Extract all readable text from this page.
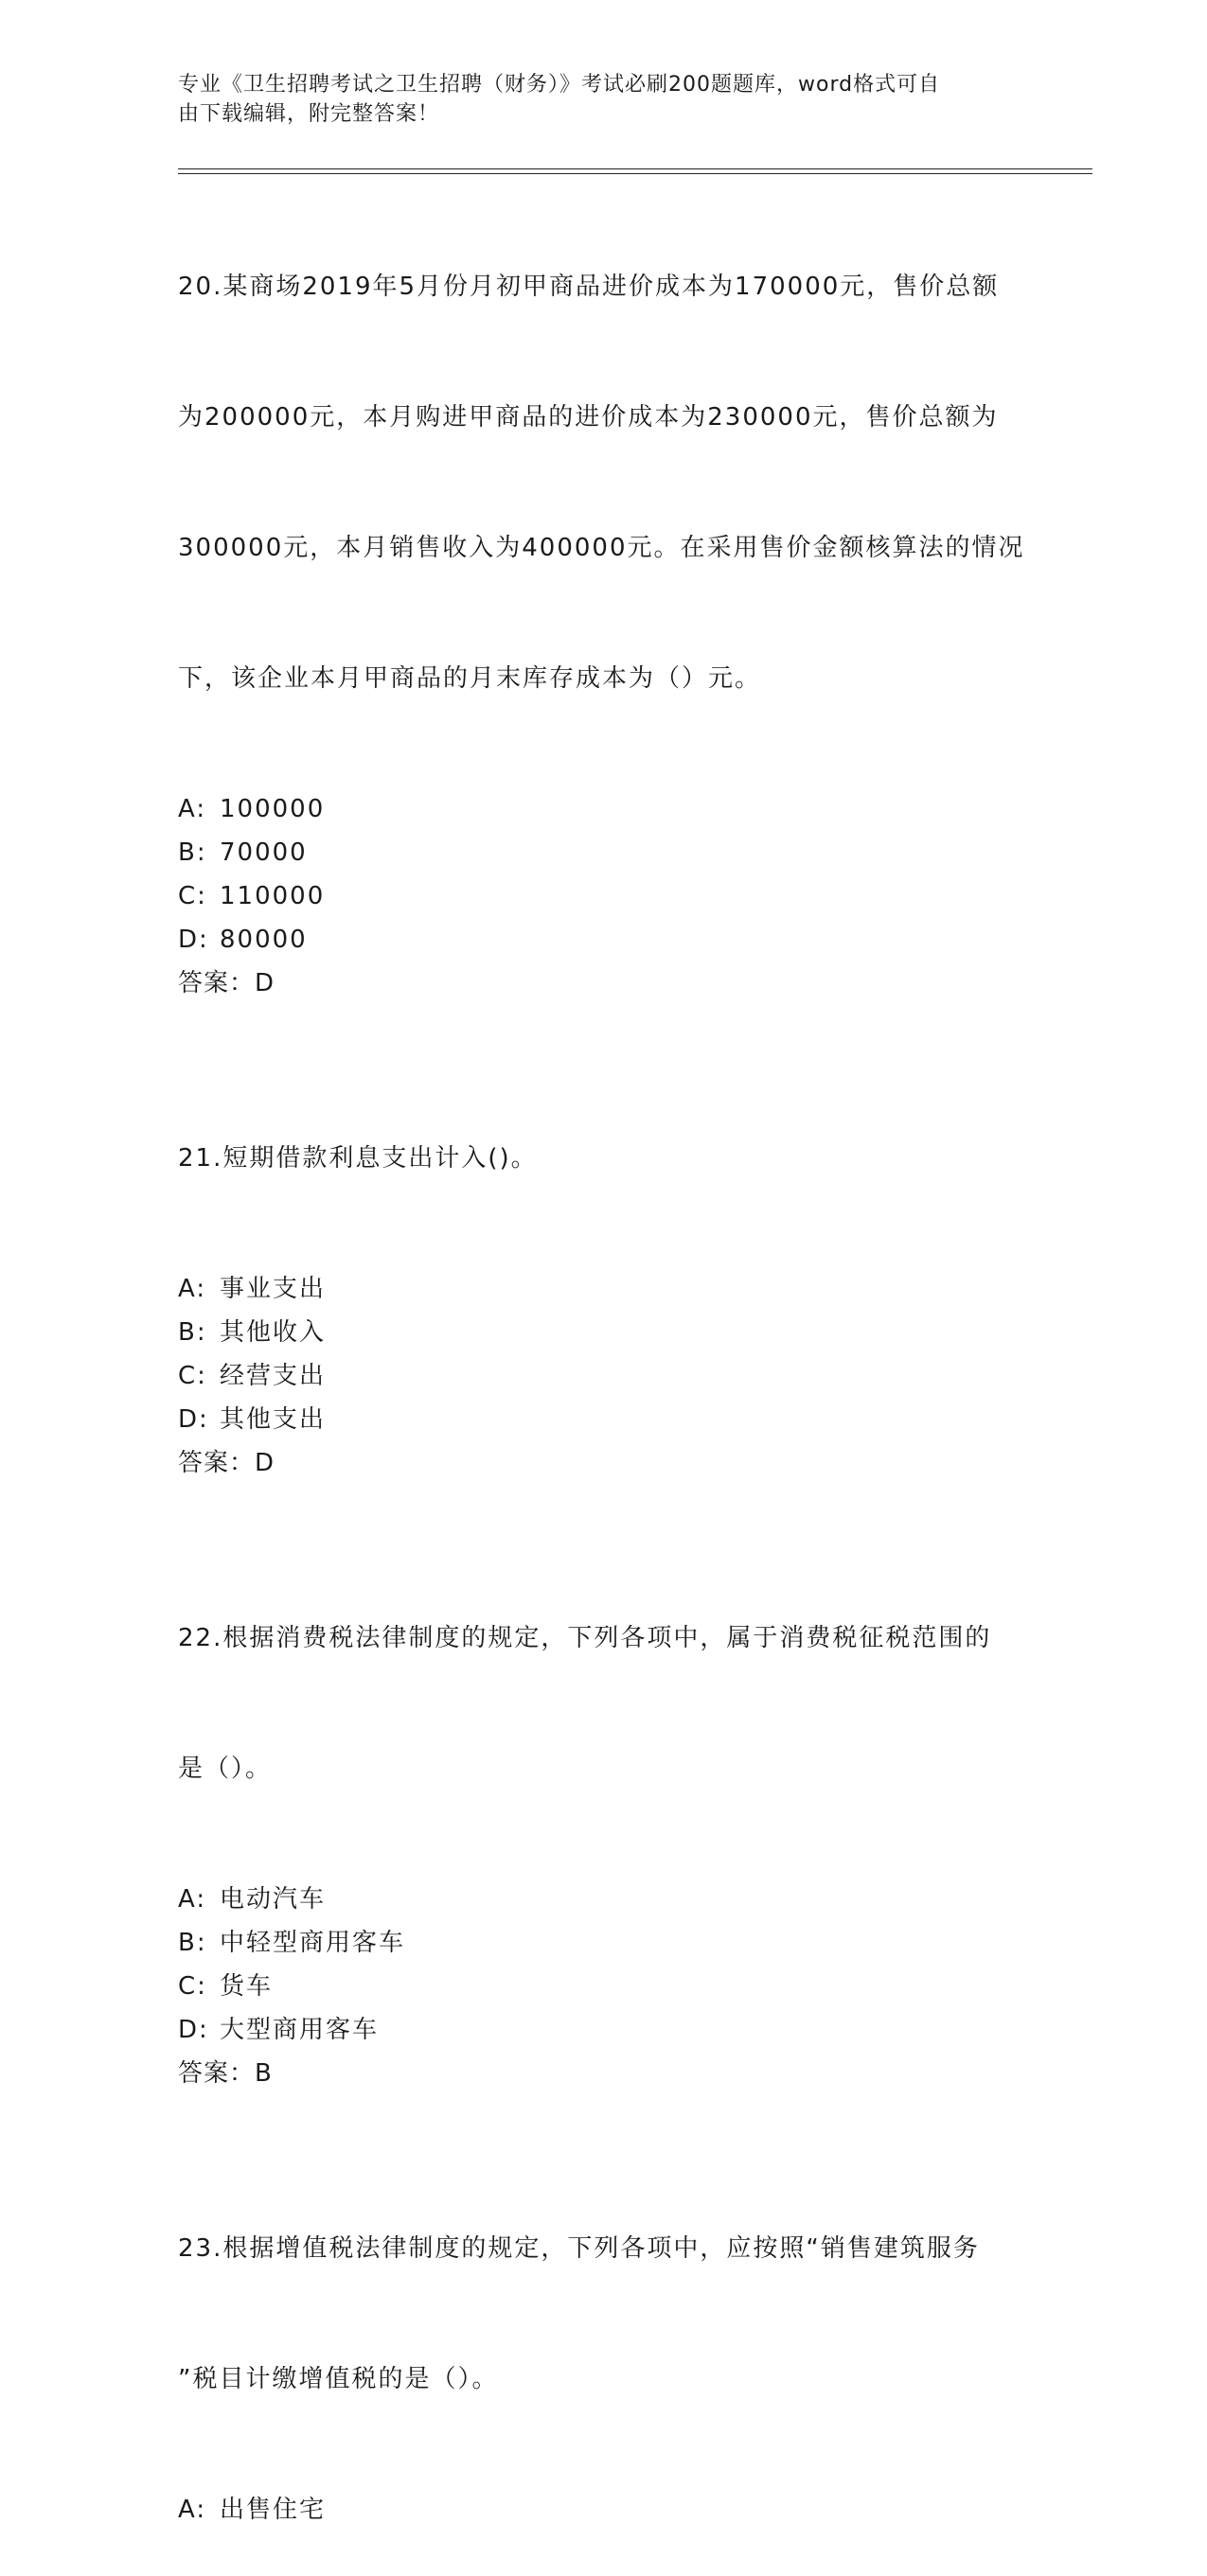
专业《卫生招聘考试之卫生招聘（财务）》考试必刷200题题库，word格式可自
由下载编辑，附完整答案！

20.某商场2019年5月份月初甲商品进价成本为170000元，售价总额

为200000元，本月购进甲商品的进价成本为230000元，售价总额为

300000元，本月销售收入为400000元。在采用售价金额核算法的情况

下，该企业本月甲商品的月末库存成本为（）元。

A: 100000
B: 70000
C: 110000
D: 80000
答案：D

21.短期借款利息支出计入()。

A: 事业支出
B: 其他收入
C: 经营支出
D: 其他支出
答案：D

22.根据消费税法律制度的规定，下列各项中，属于消费税征税范围的

是（）。

A: 电动汽车
B: 中轻型商用客车
C: 货车
D: 大型商用客车
答案：B

23.根据增值税法律制度的规定，下列各项中，应按照“销售建筑服务

”税目计缴增值税的是（）。

A: 出售住宅
